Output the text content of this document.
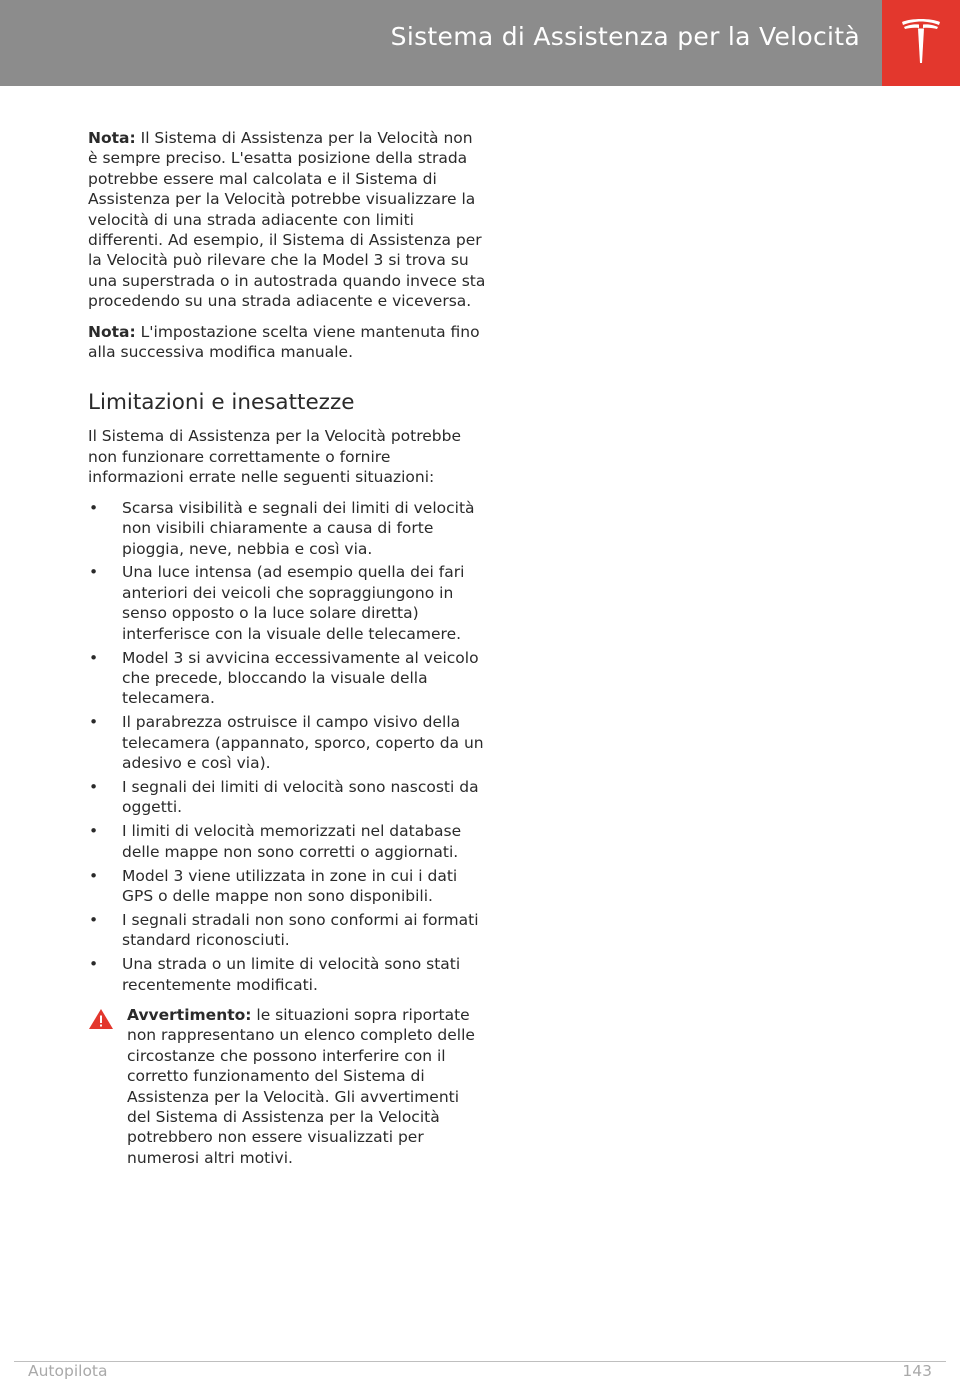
Sistema di Assistenza per la Velocità

Nota: Il Sistema di Assistenza per la Velocità non è sempre preciso. L'esatta posizione della strada potrebbe essere mal calcolata e il Sistema di Assistenza per la Velocità potrebbe visualizzare la velocità di una strada adiacente con limiti differenti. Ad esempio, il Sistema di Assistenza per la Velocità può rilevare che la Model 3 si trova su una superstrada o in autostrada quando invece sta procedendo su una strada adiacente e viceversa.

Nota: L'impostazione scelta viene mantenuta fino alla successiva modifica manuale.

Limitazioni e inesattezze

Il Sistema di Assistenza per la Velocità potrebbe non funzionare correttamente o fornire informazioni errate nelle seguenti situazioni:

• Scarsa visibilità e segnali dei limiti di velocità non visibili chiaramente a causa di forte pioggia, neve, nebbia e così via.
• Una luce intensa (ad esempio quella dei fari anteriori dei veicoli che sopraggiungono in senso opposto o la luce solare diretta) interferisce con la visuale delle telecamere.
• Model 3 si avvicina eccessivamente al veicolo che precede, bloccando la visuale della telecamera.
• Il parabrezza ostruisce il campo visivo della telecamera (appannato, sporco, coperto da un adesivo e così via).
• I segnali dei limiti di velocità sono nascosti da oggetti.
• I limiti di velocità memorizzati nel database delle mappe non sono corretti o aggiornati.
• Model 3 viene utilizzata in zone in cui i dati GPS o delle mappe non sono disponibili.
• I segnali stradali non sono conformi ai formati standard riconosciuti.
• Una strada o un limite di velocità sono stati recentemente modificati.

Avvertimento: le situazioni sopra riportate non rappresentano un elenco completo delle circostanze che possono interferire con il corretto funzionamento del Sistema di Assistenza per la Velocità. Gli avvertimenti del Sistema di Assistenza per la Velocità potrebbero non essere visualizzati per numerosi altri motivi.

Autopilota	143
